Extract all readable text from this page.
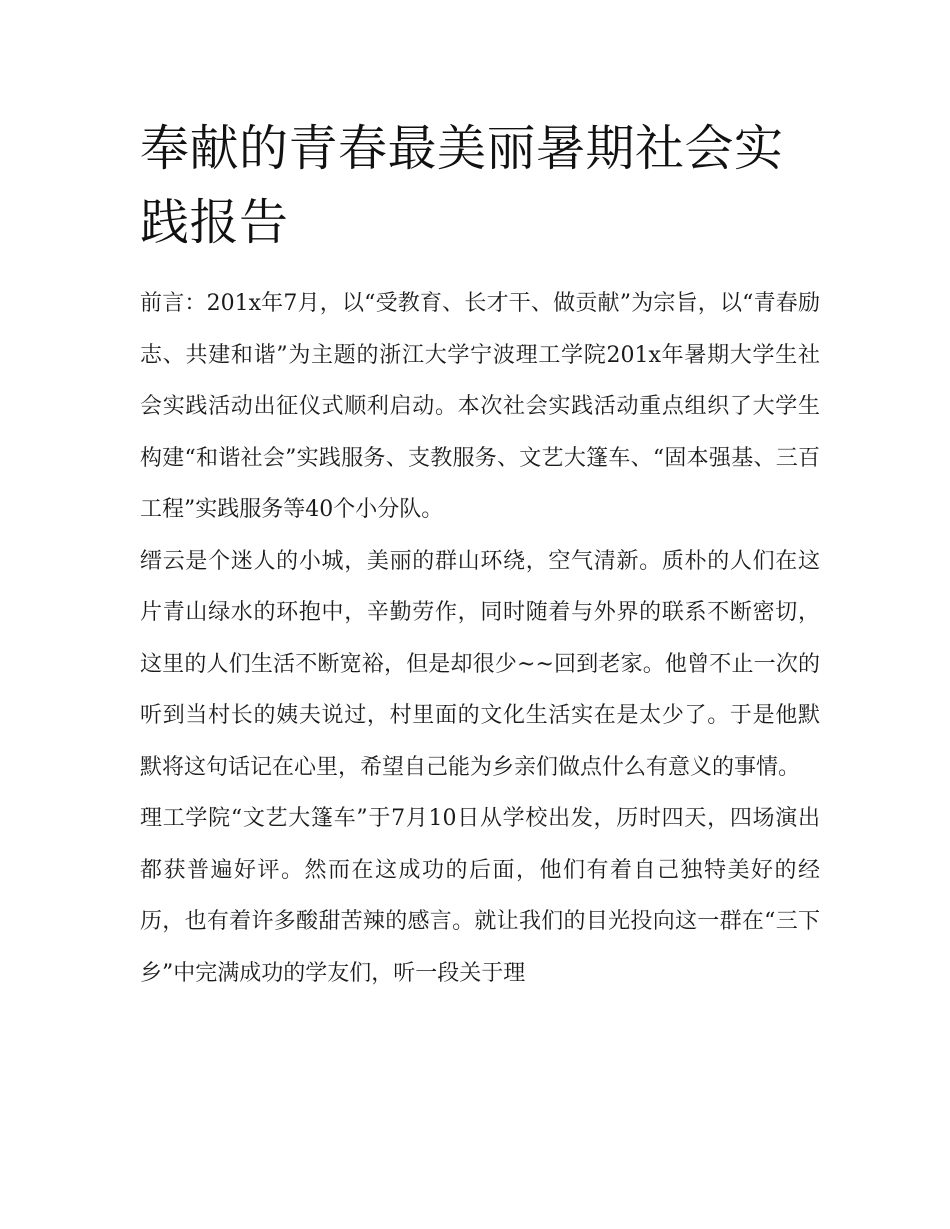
奉献的青春最美丽暑期社会实践报告

前言：201x年7月，以“受教育、长才干、做贡献”为宗旨，以“青春励志、共建和谐”为主题的浙江大学宁波理工学院201x年暑期大学生社会实践活动出征仪式顺利启动。本次社会实践活动重点组织了大学生构建“和谐社会”实践服务、支教服务、文艺大篷车、“固本强基、三百工程”实践服务等40个小分队。

缙云是个迷人的小城，美丽的群山环绕，空气清新。质朴的人们在这片青山绿水的环抱中，辛勤劳作，同时随着与外界的联系不断密切，这里的人们生活不断宽裕，但是却很少~~回到老家。他曾不止一次的听到当村长的姨夫说过，村里面的文化生活实在是太少了。于是他默默将这句话记在心里，希望自己能为乡亲们做点什么有意义的事情。

理工学院“文艺大篷车”于7月10日从学校出发，历时四天，四场演出都获普遍好评。然而在这成功的后面，他们有着自己独特美好的经历，也有着许多酸甜苦辣的感言。就让我们的目光投向这一群在“三下乡”中完满成功的学友们，听一段关于理
